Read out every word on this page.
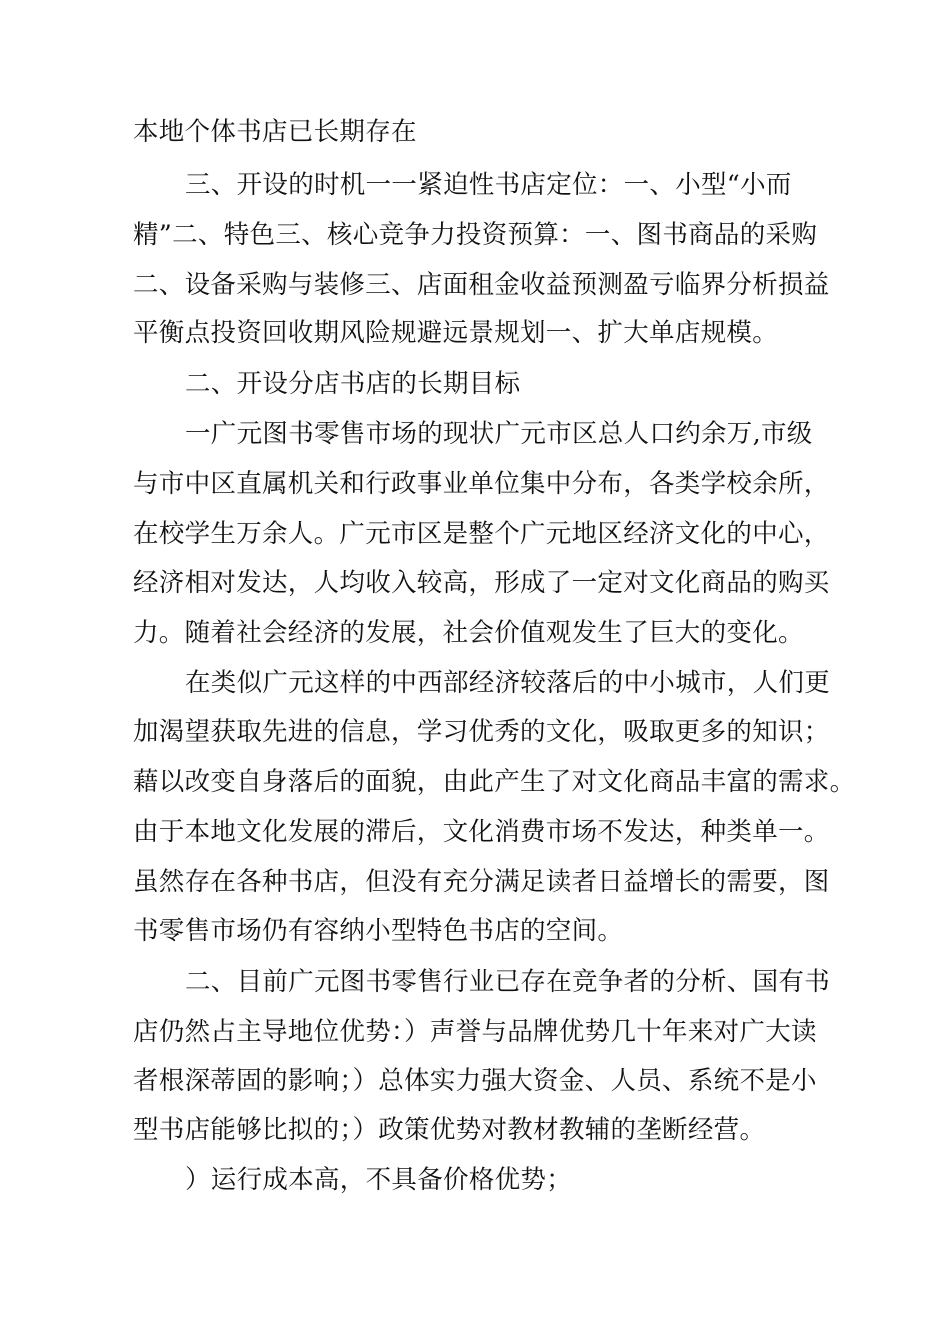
本地个体书店已长期存在
三、开设的时机一一紧迫性书店定位：一、小型“小而
精”二、特色三、核心竞争力投资预算：一、图书商品的采购
二、设备采购与装修三、店面租金收益预测盈亏临界分析损益
平衡点投资回收期风险规避远景规划一、扩大单店规模。
二、开设分店书店的长期目标
一广元图书零售市场的现状广元市区总人口约余万,市级
与市中区直属机关和行政事业单位集中分布，各类学校余所，
在校学生万余人。广元市区是整个广元地区经济文化的中心，
经济相对发达，人均收入较高，形成了一定对文化商品的购买
力。随着社会经济的发展，社会价值观发生了巨大的变化。
在类似广元这样的中西部经济较落后的中小城市，人们更
加渴望获取先进的信息，学习优秀的文化，吸取更多的知识；
藉以改变自身落后的面貌，由此产生了对文化商品丰富的需求。
由于本地文化发展的滞后，文化消费市场不发达，种类单一。
虽然存在各种书店，但没有充分满足读者日益增长的需要，图
书零售市场仍有容纳小型特色书店的空间。
二、目前广元图书零售行业已存在竞争者的分析、国有书
店仍然占主导地位优势：）声誉与品牌优势几十年来对广大读
者根深蒂固的影响；）总体实力强大资金、人员、系统不是小
型书店能够比拟的；）政策优势对教材教辅的垄断经营。
）运行成本高，不具备价格优势；
